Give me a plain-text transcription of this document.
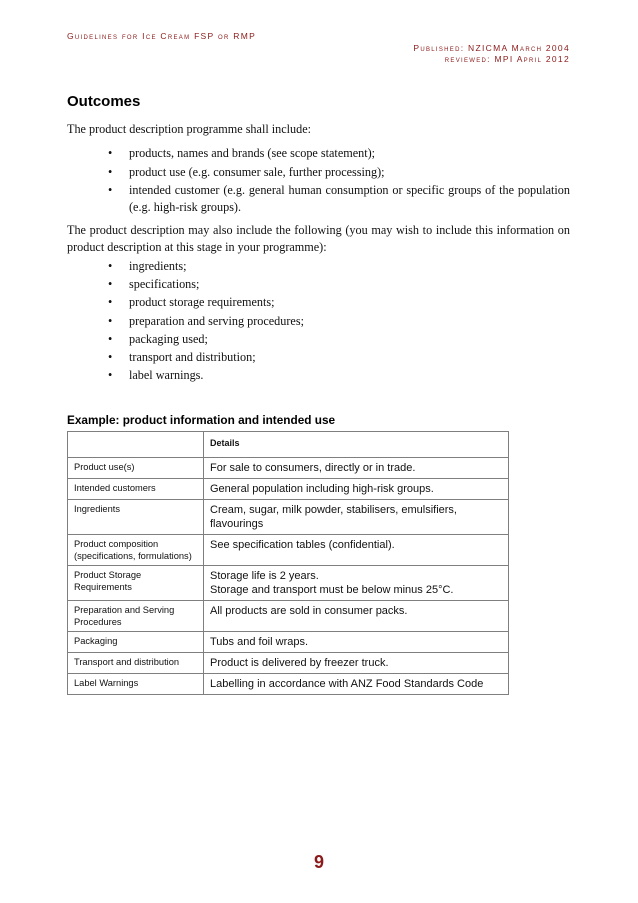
Guidelines for Ice Cream FSP or RMP
Published: NZICMA March 2004
reviewed: MPI April 2012
Outcomes
The product description programme shall include:
• products, names and brands (see scope statement);
• product use (e.g. consumer sale, further processing);
• intended customer (e.g. general human consumption or specific groups of the population (e.g. high-risk groups).
The product description may also include the following (you may wish to include this information on product description at this stage in your programme):
• ingredients;
• specifications;
• product storage requirements;
• preparation and serving procedures;
• packaging used;
• transport and distribution;
• label warnings.
Example: product information and intended use
	Details
Product use(s)	For sale to consumers, directly or in trade.
Intended customers	General population including high-risk groups.
Ingredients	Cream, sugar, milk powder, stabilisers, emulsifiers, flavourings
Product composition (specifications, formulations)	See specification tables (confidential).
Product Storage Requirements	Storage life is 2 years.
Storage and transport must be below minus 25°C.
Preparation and Serving Procedures	All products are sold in consumer packs.
Packaging	Tubs and foil wraps.
Transport and distribution	Product is delivered by freezer truck.
Label Warnings	Labelling in accordance with ANZ Food Standards Code
9
